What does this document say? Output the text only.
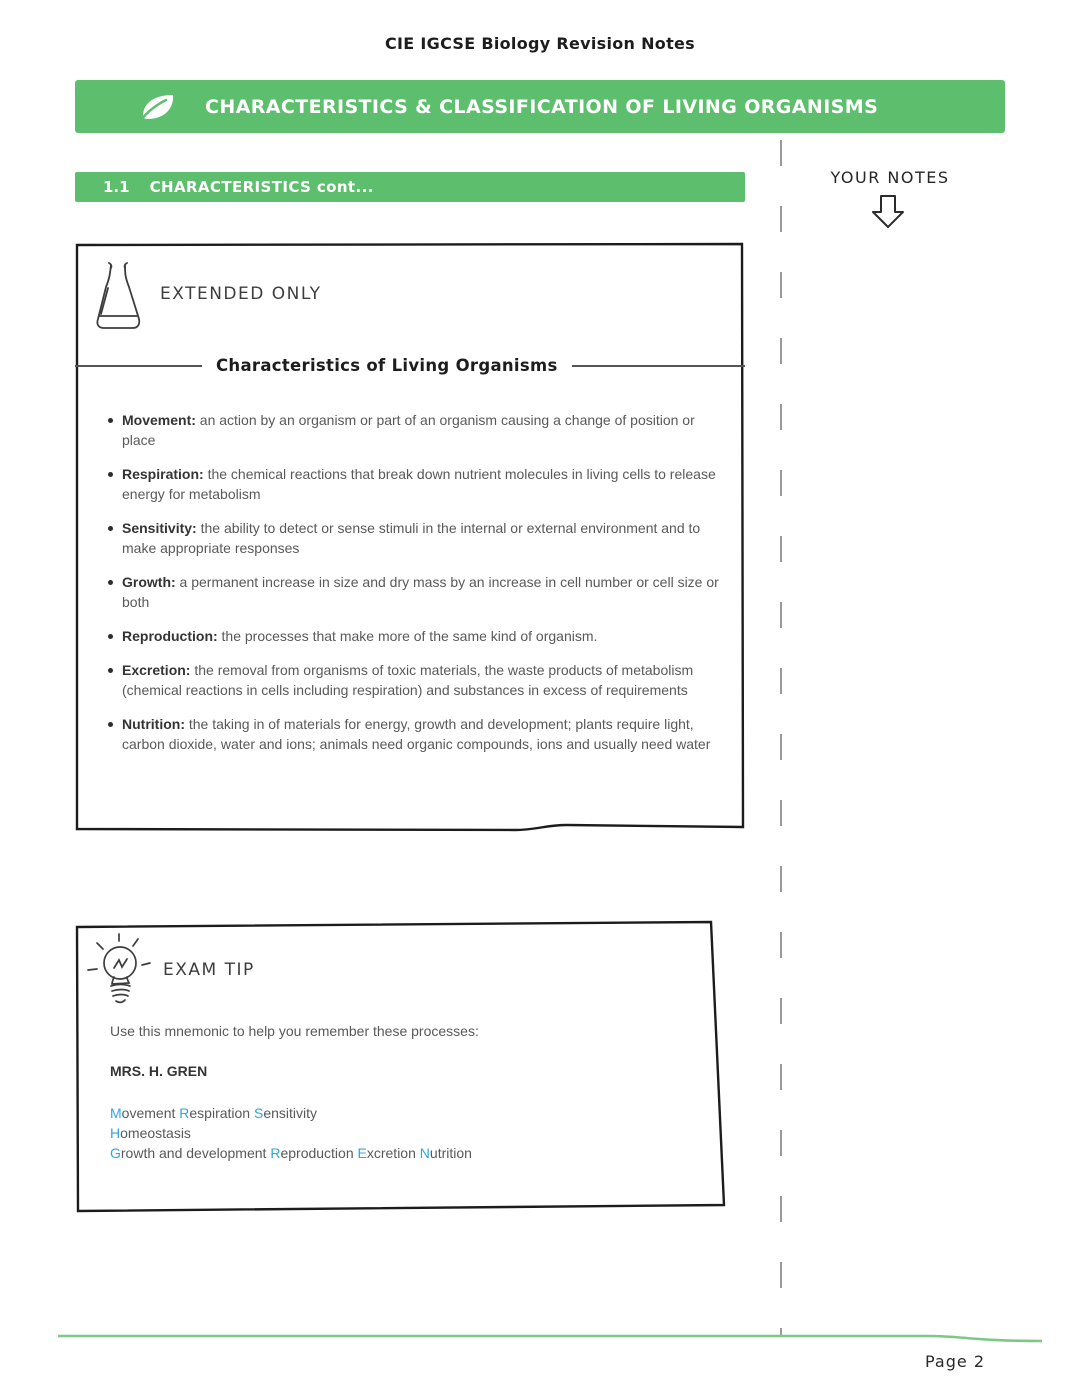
CIE IGCSE Biology Revision Notes
CHARACTERISTICS & CLASSIFICATION OF LIVING ORGANISMS
1.1 CHARACTERISTICS cont...	YOUR NOTES
EXTENDED ONLY
Characteristics of Living Organisms
Movement: an action by an organism or part of an organism causing a change of position or place
Respiration: the chemical reactions that break down nutrient molecules in living cells to release energy for metabolism
Sensitivity: the ability to detect or sense stimuli in the internal or external environment and to make appropriate responses
Growth: a permanent increase in size and dry mass by an increase in cell number or cell size or both
Reproduction: the processes that make more of the same kind of organism.
Excretion: the removal from organisms of toxic materials, the waste products of metabolism (chemical reactions in cells including respiration) and substances in excess of requirements
Nutrition: the taking in of materials for energy, growth and development; plants require light, carbon dioxide, water and ions; animals need organic compounds, ions and usually need water
EXAM TIP
Use this mnemonic to help you remember these processes:
MRS. H. GREN
Movement Respiration Sensitivity
Homeostasis
Growth and development Reproduction Excretion Nutrition
Page 2
